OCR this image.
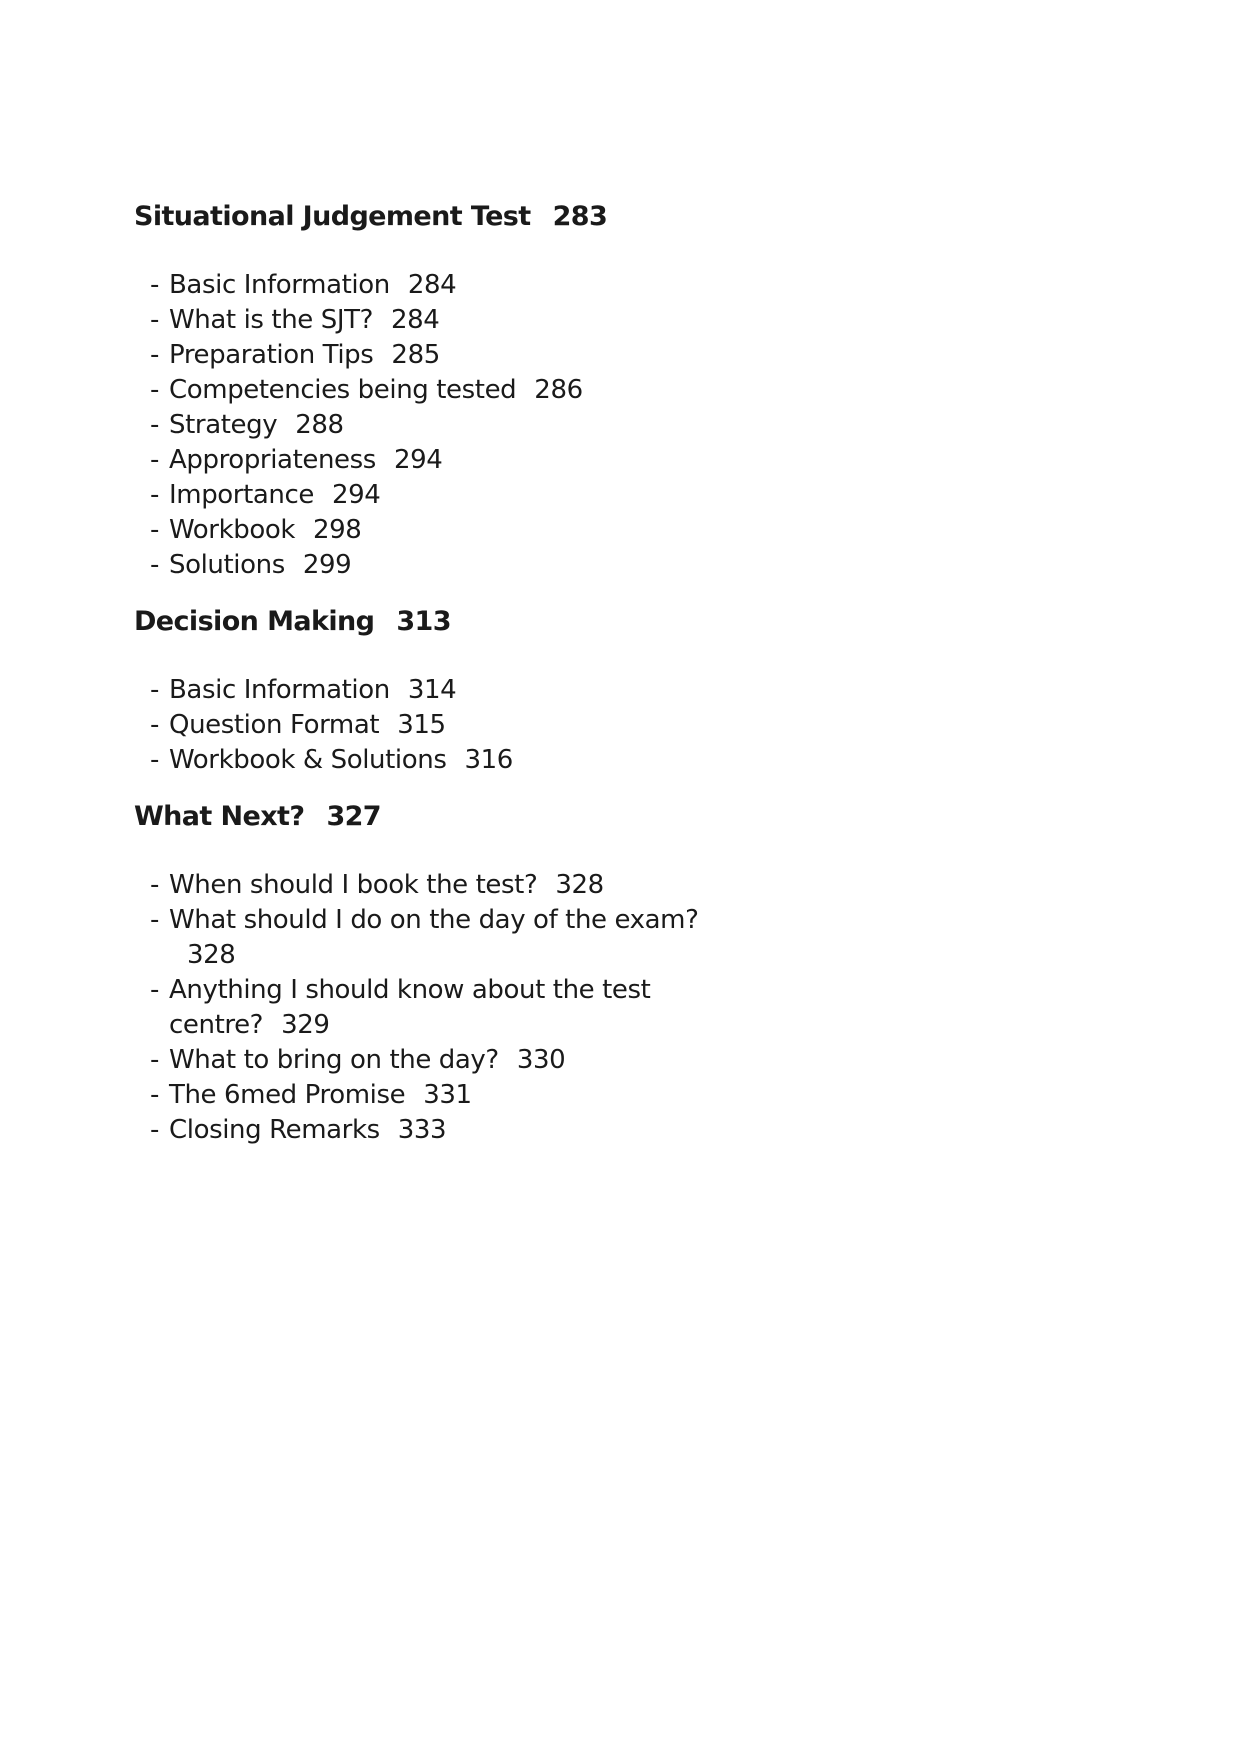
Situational Judgement Test 283
- Basic Information 284
- What is the SJT? 284
- Preparation Tips 285
- Competencies being tested 286
- Strategy 288
- Appropriateness 294
- Importance 294
- Workbook 298
- Solutions 299
Decision Making 313
- Basic Information 314
- Question Format 315
- Workbook & Solutions 316
What Next? 327
- When should I book the test? 328
- What should I do on the day of the exam?328
- Anything I should know about the test centre? 329
- What to bring on the day? 330
- The 6med Promise 331
- Closing Remarks 333
